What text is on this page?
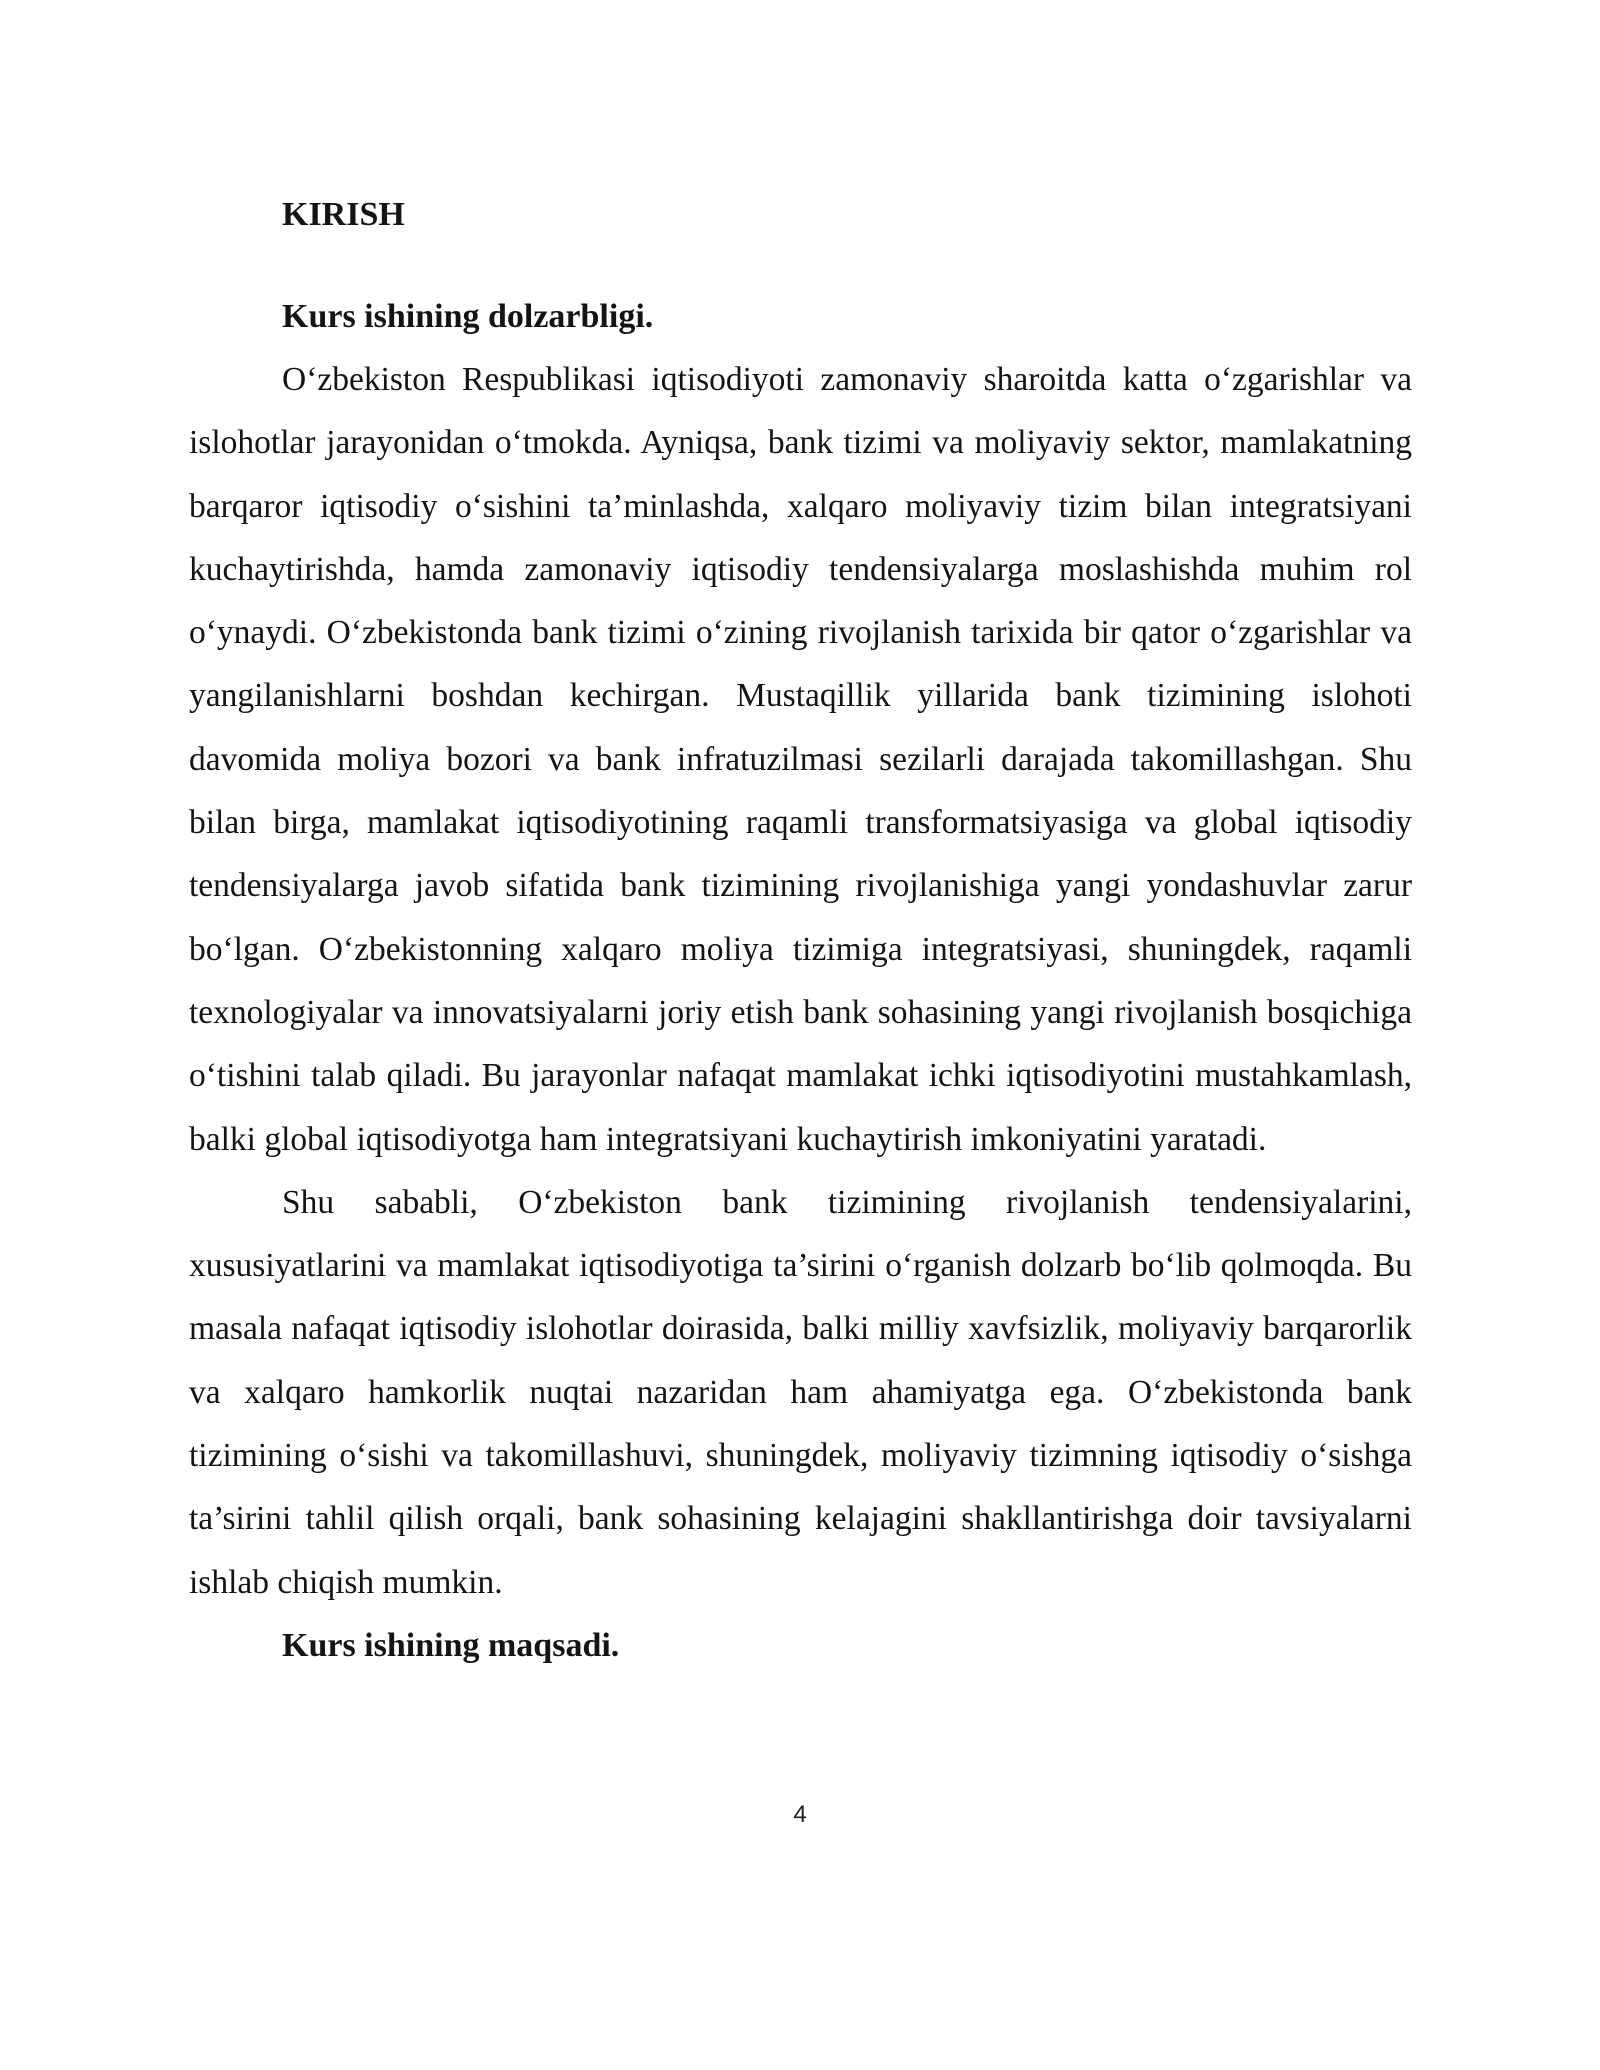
KIRISH
Kurs ishining dolzarbligi.

O‘zbekiston Respublikasi iqtisodiyoti zamonaviy sharoitda katta o‘zgarishlar va islohotlar jarayonidan o‘tmokda. Ayniqsa, bank tizimi va moliyaviy sektor, mamlakatning barqaror iqtisodiy o‘sishini ta’minlashda, xalqaro moliyaviy tizim bilan integratsiyani kuchaytirishda, hamda zamonaviy iqtisodiy tendensiyalarga moslashishda muhim rol o‘ynaydi. O‘zbekistonda bank tizimi o‘zining rivojlanish tarixida bir qator o‘zgarishlar va yangilanishlarni boshdan kechirgan. Mustaqillik yillarida bank tizimining islohoti davomida moliya bozori va bank infratuzilmasi sezilarli darajada takomillashgan. Shu bilan birga, mamlakat iqtisodiyotining raqamli transformatsiyasiga va global iqtisodiy tendensiyalarga javob sifatida bank tizimining rivojlanishiga yangi yondashuvlar zarur bo‘lgan. O‘zbekistonning xalqaro moliya tizimiga integratsiyasi, shuningdek, raqamli texnologiyalar va innovatsiyalarni joriy etish bank sohasining yangi rivojlanish bosqichiga o‘tishini talab qiladi. Bu jarayonlar nafaqat mamlakat ichki iqtisodiyotini mustahkamlash, balki global iqtisodiyotga ham integratsiyani kuchaytirish imkoniyatini yaratadi.

Shu sababli, O‘zbekiston bank tizimining rivojlanish tendensiyalarini, xususiyatlarini va mamlakat iqtisodiyotiga ta’sirini o‘rganish dolzarb bo‘lib qolmoqda. Bu masala nafaqat iqtisodiy islohotlar doirasida, balki milliy xavfsizlik, moliyaviy barqarorlik va xalqaro hamkorlik nuqtai nazaridan ham ahamiyatga ega. O‘zbekistonda bank tizimining o‘sishi va takomillashuvi, shuningdek, moliyaviy tizimning iqtisodiy o‘sishga ta’sirini tahlil qilish orqali, bank sohasining kelajagini shakllantirishga doir tavsiyalarni ishlab chiqish mumkin.

Kurs ishining maqsadi.
4
